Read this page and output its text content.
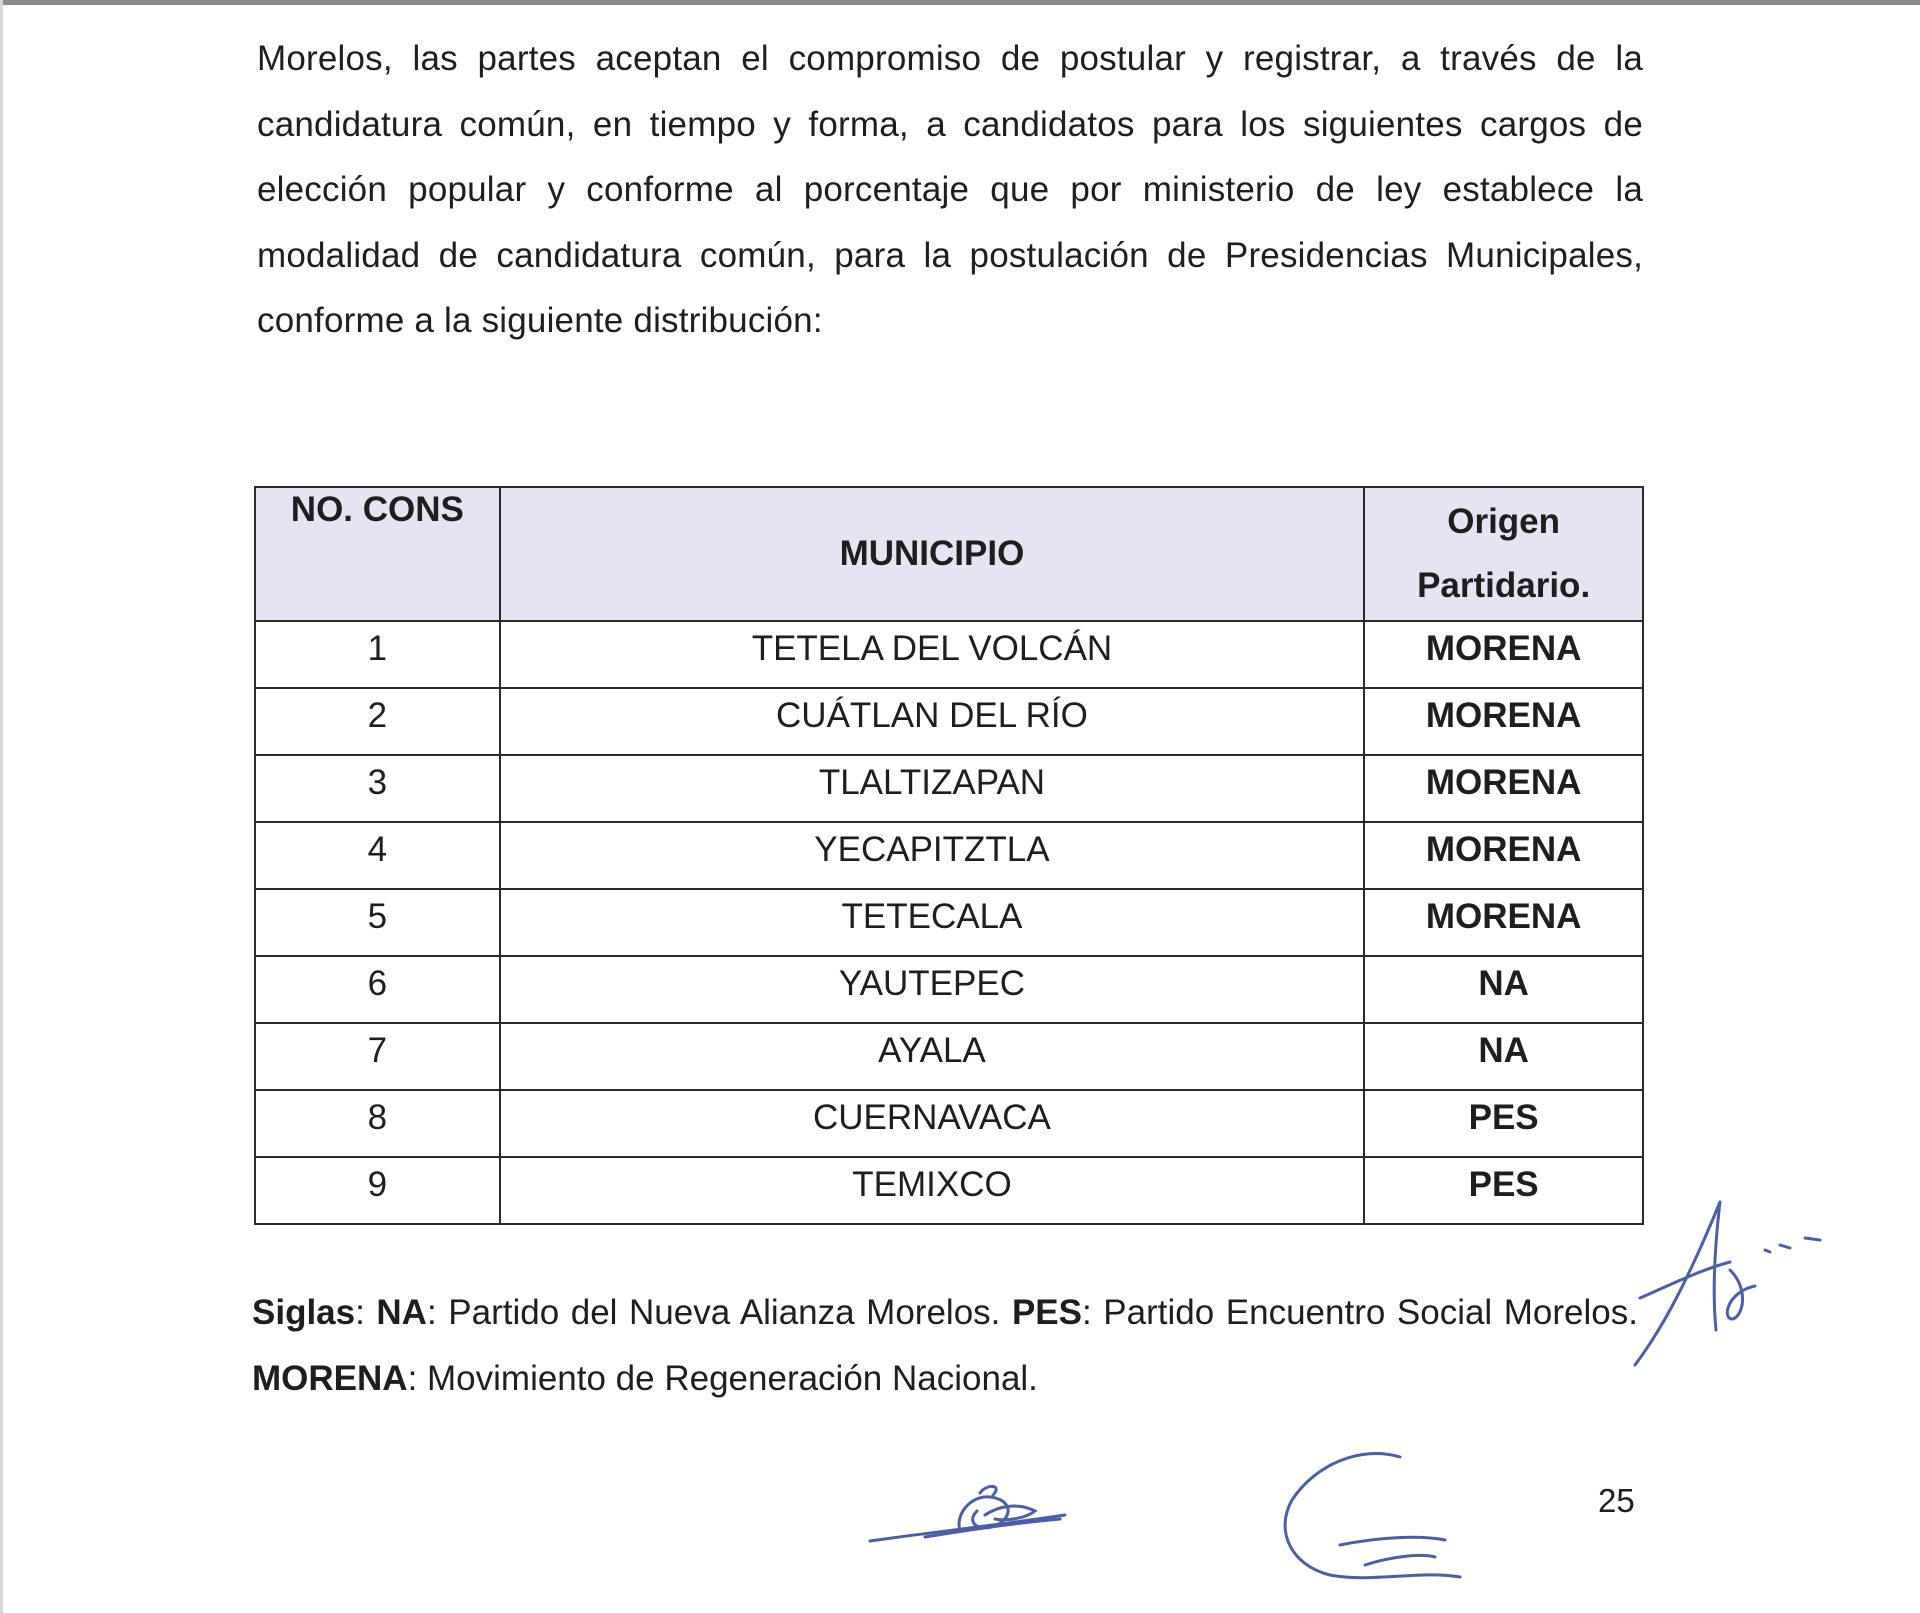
Morelos, las partes aceptan el compromiso de postular y registrar, a través de la candidatura común, en tiempo y forma, a candidatos para los siguientes cargos de elección popular y conforme al porcentaje que por ministerio de ley establece la modalidad de candidatura común, para la postulación de Presidencias Municipales, conforme a la siguiente distribución:

NO. CONS	MUNICIPIO	Origen
Partidario.
1	TETELA DEL VOLCÁN	MORENA
2	CUÁTLAN DEL RÍO	MORENA
3	TLALTIZAPAN	MORENA
4	YECAPITZTLA	MORENA
5	TETECALA	MORENA
6	YAUTEPEC	NA
7	AYALA	NA
8	CUERNAVACA	PES
9	TEMIXCO	PES

Siglas: NA: Partido del Nueva Alianza Morelos. PES: Partido Encuentro Social Morelos. MORENA: Movimiento de Regeneración Nacional.

25
